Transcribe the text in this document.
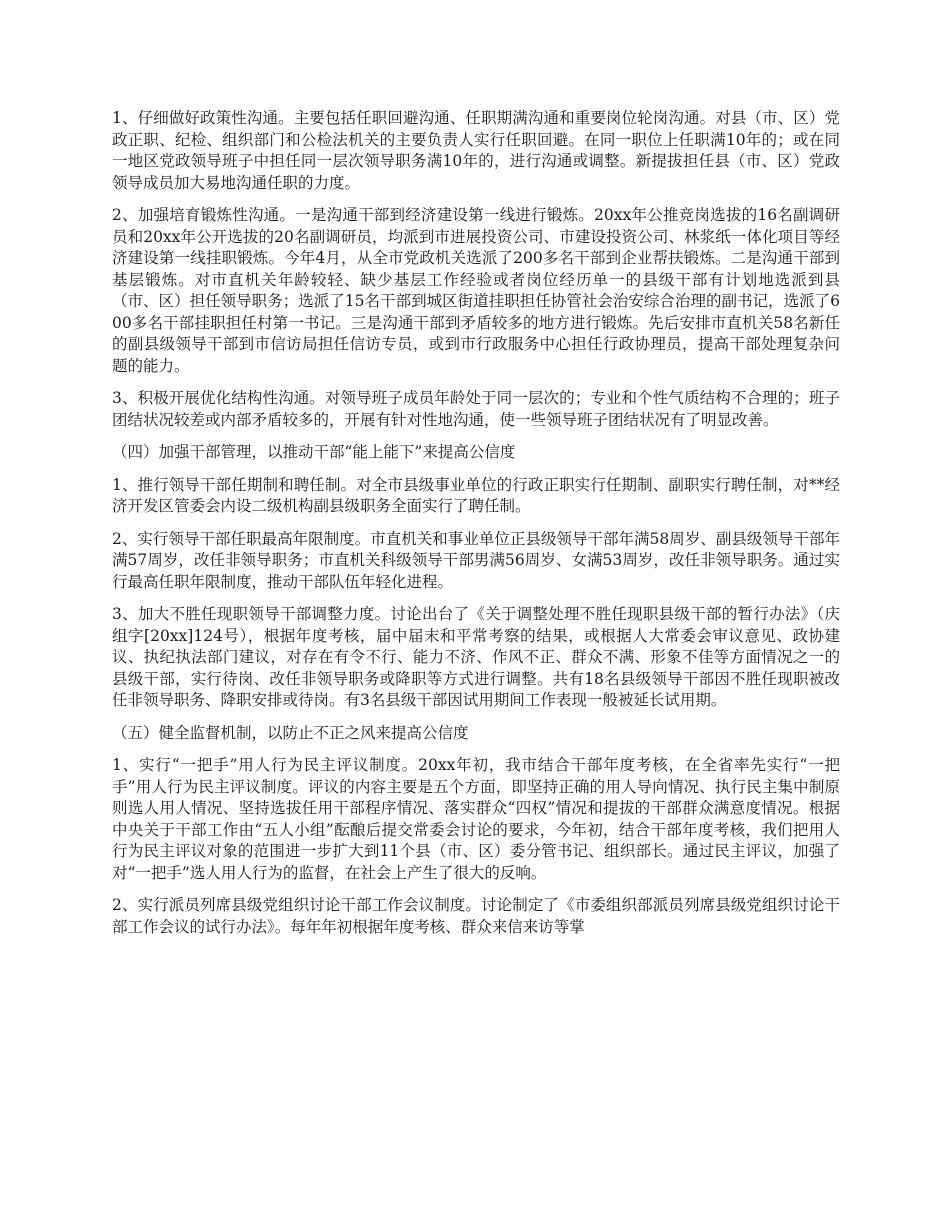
1、仔细做好政策性沟通。主要包括任职回避沟通、任职期满沟通和重要岗位轮岗沟通。对县（市、区）党政正职、纪检、组织部门和公检法机关的主要负责人实行任职回避。在同一职位上任职满10年的；或在同一地区党政领导班子中担任同一层次领导职务满10年的，进行沟通或调整。新提拔担任县（市、区）党政领导成员加大易地沟通任职的力度。

2、加强培育锻炼性沟通。一是沟通干部到经济建设第一线进行锻炼。20xx年公推竞岗选拔的16名副调研员和20xx年公开选拔的20名副调研员，均派到市进展投资公司、市建设投资公司、林浆纸一体化项目等经济建设第一线挂职锻炼。今年4月，从全市党政机关选派了200多名干部到企业帮扶锻炼。二是沟通干部到基层锻炼。对市直机关年龄较轻、缺少基层工作经验或者岗位经历单一的县级干部有计划地选派到县（市、区）担任领导职务；选派了15名干部到城区街道挂职担任协管社会治安综合治理的副书记，选派了600多名干部挂职担任村第一书记。三是沟通干部到矛盾较多的地方进行锻炼。先后安排市直机关58名新任的副县级领导干部到市信访局担任信访专员，或到市行政服务中心担任行政协理员，提高干部处理复杂问题的能力。

3、积极开展优化结构性沟通。对领导班子成员年龄处于同一层次的；专业和个性气质结构不合理的；班子团结状况较差或内部矛盾较多的，开展有针对性地沟通，使一些领导班子团结状况有了明显改善。

（四）加强干部管理，以推动干部“能上能下”来提高公信度

1、推行领导干部任期制和聘任制。对全市县级事业单位的行政正职实行任期制、副职实行聘任制，对**经济开发区管委会内设二级机构副县级职务全面实行了聘任制。

2、实行领导干部任职最高年限制度。市直机关和事业单位正县级领导干部年满58周岁、副县级领导干部年满57周岁，改任非领导职务；市直机关科级领导干部男满56周岁、女满53周岁，改任非领导职务。通过实行最高任职年限制度，推动干部队伍年轻化进程。

3、加大不胜任现职领导干部调整力度。讨论出台了《关于调整处理不胜任现职县级干部的暂行办法》（庆组字[20xx]124号），根据年度考核，届中届末和平常考察的结果，或根据人大常委会审议意见、政协建议、执纪执法部门建议，对存在有令不行、能力不济、作风不正、群众不满、形象不佳等方面情况之一的县级干部，实行待岗、改任非领导职务或降职等方式进行调整。共有18名县级领导干部因不胜任现职被改任非领导职务、降职安排或待岗。有3名县级干部因试用期间工作表现一般被延长试用期。

（五）健全监督机制，以防止不正之风来提高公信度

1、实行“一把手”用人行为民主评议制度。20xx年初，我市结合干部年度考核，在全省率先实行“一把手”用人行为民主评议制度。评议的内容主要是五个方面，即坚持正确的用人导向情况、执行民主集中制原则选人用人情况、坚持选拔任用干部程序情况、落实群众“四权”情况和提拔的干部群众满意度情况。根据中央关于干部工作由“五人小组”酝酿后提交常委会讨论的要求，今年初，结合干部年度考核，我们把用人行为民主评议对象的范围进一步扩大到11个县（市、区）委分管书记、组织部长。通过民主评议，加强了对“一把手”选人用人行为的监督，在社会上产生了很大的反响。

2、实行派员列席县级党组织讨论干部工作会议制度。讨论制定了《市委组织部派员列席县级党组织讨论干部工作会议的试行办法》。每年年初根据年度考核、群众来信来访等掌
